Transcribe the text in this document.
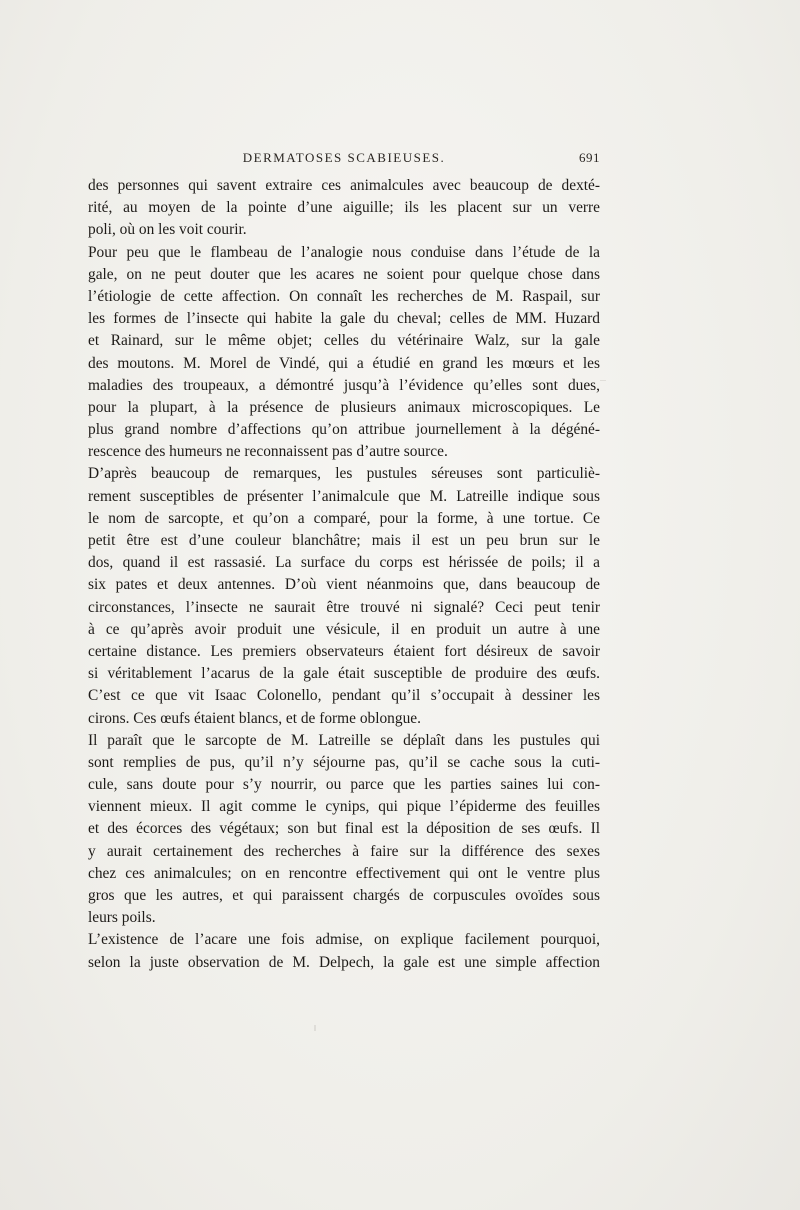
DERMATOSES SCABIEUSES.	691
des personnes qui savent extraire ces animalcules avec beaucoup de dexté-
rité, au moyen de la pointe d’une aiguille; ils les placent sur un verre
poli, où on les voit courir.
Pour peu que le flambeau de l’analogie nous conduise dans l’étude de la
gale, on ne peut douter que les acares ne soient pour quelque chose dans
l’étiologie de cette affection. On connaît les recherches de M. Raspail, sur
les formes de l’insecte qui habite la gale du cheval; celles de MM. Huzard
et Rainard, sur le même objet; celles du vétérinaire Walz, sur la gale
des moutons. M. Morel de Vindé, qui a étudié en grand les mœurs et les
maladies des troupeaux, a démontré jusqu’à l’évidence qu’elles sont dues,
pour la plupart, à la présence de plusieurs animaux microscopiques. Le
plus grand nombre d’affections qu’on attribue journellement à la dégéné-
rescence des humeurs ne reconnaissent pas d’autre source.
D’après beaucoup de remarques, les pustules séreuses sont particuliè-
rement susceptibles de présenter l’animalcule que M. Latreille indique sous
le nom de sarcopte, et qu’on a comparé, pour la forme, à une tortue. Ce
petit être est d’une couleur blanchâtre; mais il est un peu brun sur le
dos, quand il est rassasié. La surface du corps est hérissée de poils; il a
six pates et deux antennes. D’où vient néanmoins que, dans beaucoup de
circonstances, l’insecte ne saurait être trouvé ni signalé? Ceci peut tenir
à ce qu’après avoir produit une vésicule, il en produit un autre à une
certaine distance. Les premiers observateurs étaient fort désireux de savoir
si véritablement l’acarus de la gale était susceptible de produire des œufs.
C’est ce que vit Isaac Colonello, pendant qu’il s’occupait à dessiner les
cirons. Ces œufs étaient blancs, et de forme oblongue.
Il paraît que le sarcopte de M. Latreille se déplaît dans les pustules qui
sont remplies de pus, qu’il n’y séjourne pas, qu’il se cache sous la cuti-
cule, sans doute pour s’y nourrir, ou parce que les parties saines lui con-
viennent mieux. Il agit comme le cynips, qui pique l’épiderme des feuilles
et des écorces des végétaux; son but final est la déposition de ses œufs. Il
y aurait certainement des recherches à faire sur la différence des sexes
chez ces animalcules; on en rencontre effectivement qui ont le ventre plus
gros que les autres, et qui paraissent chargés de corpuscules ovoïdes sous
leurs poils.
L’existence de l’acare une fois admise, on explique facilement pourquoi,
selon la juste observation de M. Delpech, la gale est une simple affection
